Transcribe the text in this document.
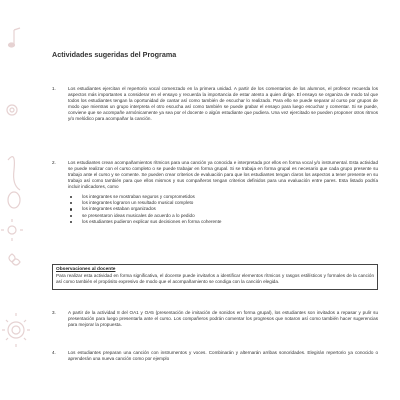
Actividades sugeridas del Programa
1.	Los estudiantes ejercitan el repertorio vocal comenzado en la primera unidad. A partir de los comentarios de los alumnos, el profesor recuerda los aspectos más importantes a considerar en el ensayo y recuerda la importancia de estar atento a quien dirige. El ensayo se organiza de modo tal que todos los estudiantes tengan la oportunidad de cantar así como también de escuchar lo realizado. Para ello se puede separar al curso por grupos de modo que mientras un grupo interpreta el otro escucha así como también se puede grabar el ensayo para luego escuchar y comentar. Si se puede, conviene que se acompañe armónicamente ya sea por el docente o algún estudiante que pudiera. Una vez ejercitado se pueden proponer otros ritmos y/o melódico para acompañar la canción.
2.	Los estudiantes crean acompañamientos rítmicos para una canción ya conocida e interpretada por ellos en forma vocal y/o instrumental. Esta actividad se puede realizar con el curso completo o se puede trabajar en forma grupal. Si se trabaja en forma grupal es necesario que cada grupo presente su trabajo ante el curso y se comente. Se pueden crear criterios de evaluación para que los estudiantes tengan claros los aspectos a tener presente en su trabajo así como también para que ellos mismos y sus compañeros tengan criterios definidos para una evaluación entre pares. Esta listado podría incluir indicadores, como
los integrantes se mostraban seguros y comprometidos
los integrantes lograron un resultado musical completo
los integrantes estaban organizados
se presentaron ideas musicales de acuerdo a lo pedido
los estudiantes pudieron explicar sus decisiones en forma coherente
Observaciones al docente
Para realizar esta actividad en forma significativa, el docente puede invitarlos a identificar elementos rítmicos y rasgos estilísticos y formales de la canción así como también el propósito expresivo de modo que el acompañamiento se condiga con la canción elegida.
3.	A partir de la actividad 8 del OA1 y OA5 (presentación de imitación de sonidos en forma grupal), los estudiantes son invitados a repasar y pulir su presentación para luego presentarla ante el curso. Los compañeros podrán comentar los progresos que notaron así como también hacer sugerencias para mejorar la propuesta.
4.	Los estudiantes preparan una canción con instrumentos y voces. Combinarán y alternarán arribas sonoridades. Elegirán repertorio ya conocido o aprenderán una nueva canción como por ejemplo
